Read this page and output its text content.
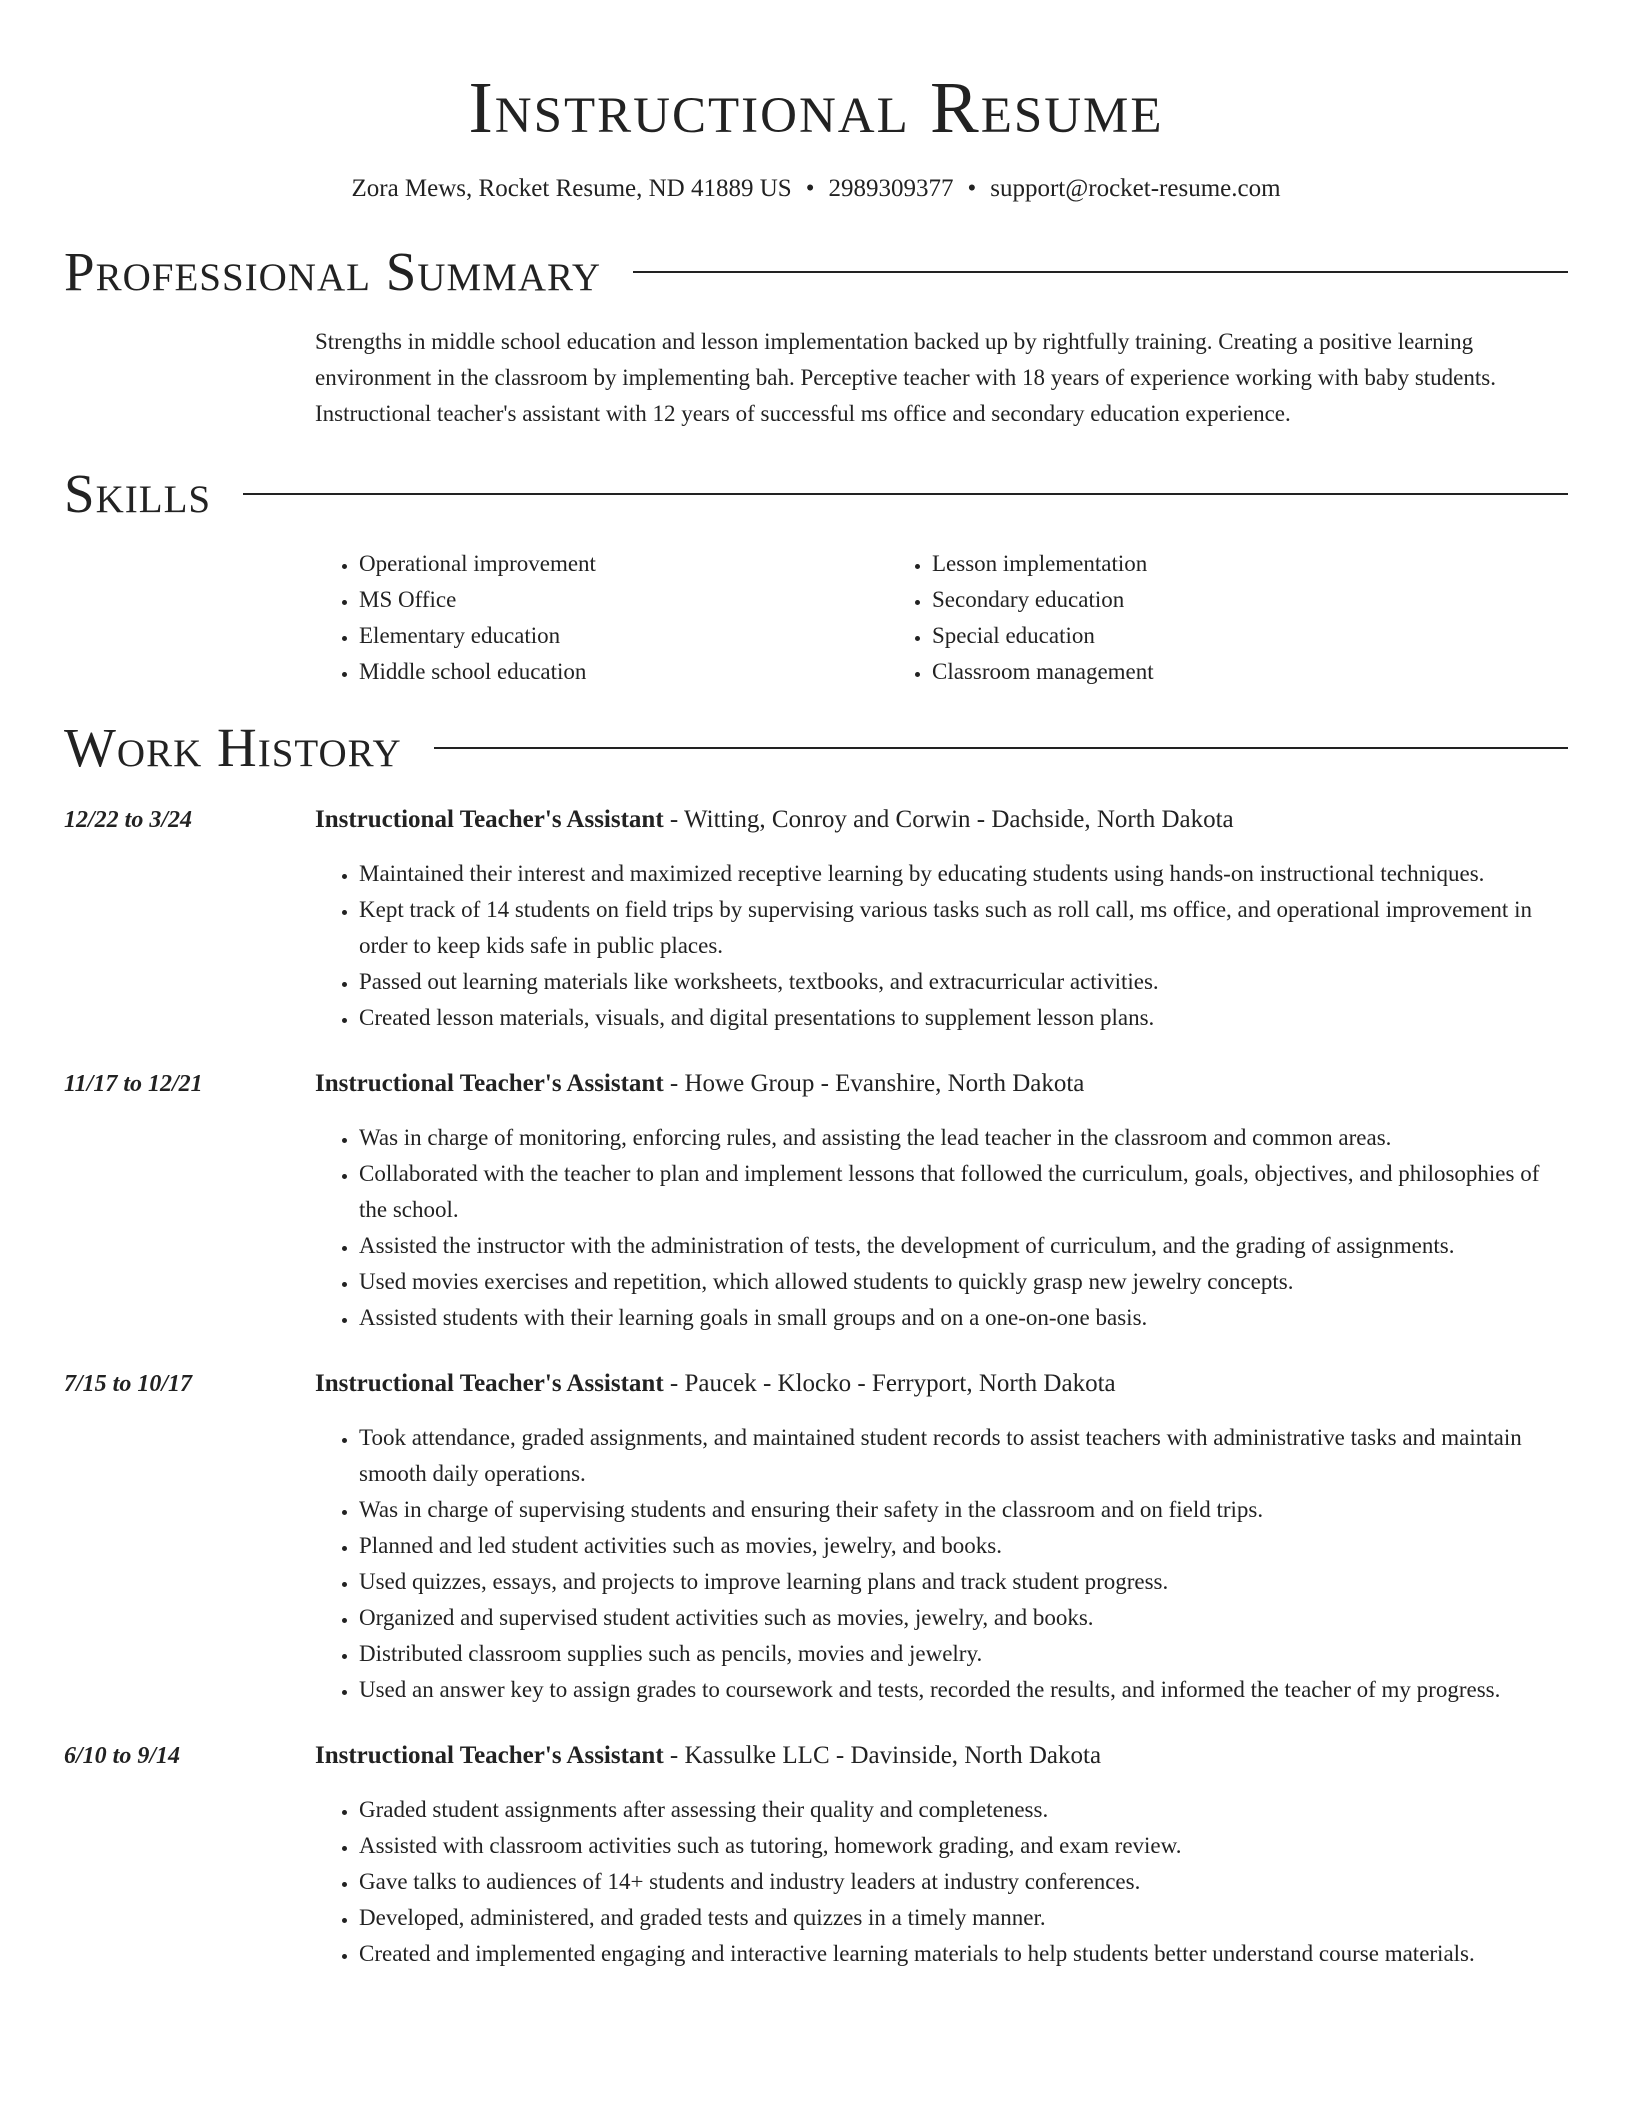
Instructional Resume
Zora Mews, Rocket Resume, ND 41889 US • 2989309377 • support@rocket-resume.com
Professional Summary
Strengths in middle school education and lesson implementation backed up by rightfully training. Creating a positive learning environment in the classroom by implementing bah. Perceptive teacher with 18 years of experience working with baby students. Instructional teacher's assistant with 12 years of successful ms office and secondary education experience.
Skills
• Operational improvement
• MS Office
• Elementary education
• Middle school education
• Lesson implementation
• Secondary education
• Special education
• Classroom management
Work History
12/22 to 3/24	Instructional Teacher's Assistant - Witting, Conroy and Corwin - Dachside, North Dakota
• Maintained their interest and maximized receptive learning by educating students using hands-on instructional techniques.
• Kept track of 14 students on field trips by supervising various tasks such as roll call, ms office, and operational improvement in order to keep kids safe in public places.
• Passed out learning materials like worksheets, textbooks, and extracurricular activities.
• Created lesson materials, visuals, and digital presentations to supplement lesson plans.
11/17 to 12/21	Instructional Teacher's Assistant - Howe Group - Evanshire, North Dakota
• Was in charge of monitoring, enforcing rules, and assisting the lead teacher in the classroom and common areas.
• Collaborated with the teacher to plan and implement lessons that followed the curriculum, goals, objectives, and philosophies of the school.
• Assisted the instructor with the administration of tests, the development of curriculum, and the grading of assignments.
• Used movies exercises and repetition, which allowed students to quickly grasp new jewelry concepts.
• Assisted students with their learning goals in small groups and on a one-on-one basis.
7/15 to 10/17	Instructional Teacher's Assistant - Paucek - Klocko - Ferryport, North Dakota
• Took attendance, graded assignments, and maintained student records to assist teachers with administrative tasks and maintain smooth daily operations.
• Was in charge of supervising students and ensuring their safety in the classroom and on field trips.
• Planned and led student activities such as movies, jewelry, and books.
• Used quizzes, essays, and projects to improve learning plans and track student progress.
• Organized and supervised student activities such as movies, jewelry, and books.
• Distributed classroom supplies such as pencils, movies and jewelry.
• Used an answer key to assign grades to coursework and tests, recorded the results, and informed the teacher of my progress.
6/10 to 9/14	Instructional Teacher's Assistant - Kassulke LLC - Davinside, North Dakota
• Graded student assignments after assessing their quality and completeness.
• Assisted with classroom activities such as tutoring, homework grading, and exam review.
• Gave talks to audiences of 14+ students and industry leaders at industry conferences.
• Developed, administered, and graded tests and quizzes in a timely manner.
• Created and implemented engaging and interactive learning materials to help students better understand course materials.
